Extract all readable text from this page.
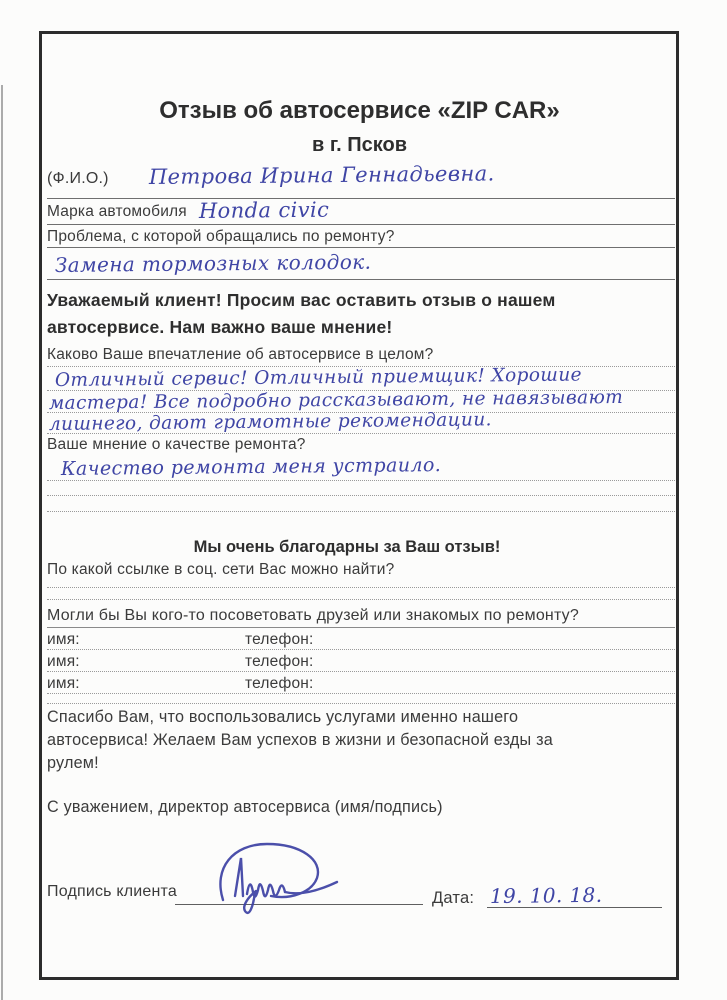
Отзыв об автосервисе «ZIP CAR»
в г. Псков
(Ф.И.О.) Петрова Ирина Геннадьевна.
Марка автомобиля Honda civic
Проблема, с которой обращались по ремонту?
Замена тормозных колодок.
Уважаемый клиент! Просим вас оставить отзыв о нашем
автосервисе. Нам важно ваше мнение!
Каково Ваше впечатление об автосервисе в целом?
Отличный сервис! Отличный приемщик! Хорошие
мастера! Все подробно рассказывают, не навязывают
лишнего, дают грамотные рекомендации.
Ваше мнение о качестве ремонта?
Качество ремонта меня устраило.
Мы очень благодарны за Ваш отзыв!
По какой ссылке в соц. сети Вас можно найти?
Могли бы Вы кого-то посоветовать друзей или знакомых по ремонту?
имя:	телефон:
имя:	телефон:
имя:	телефон:
Спасибо Вам, что воспользовались услугами именно нашего
автосервиса! Желаем Вам успехов в жизни и безопасной езды за
рулем!
С уважением, директор автосервиса (имя/подпись)
Подпись клиента	Дата: 19. 10. 18.
